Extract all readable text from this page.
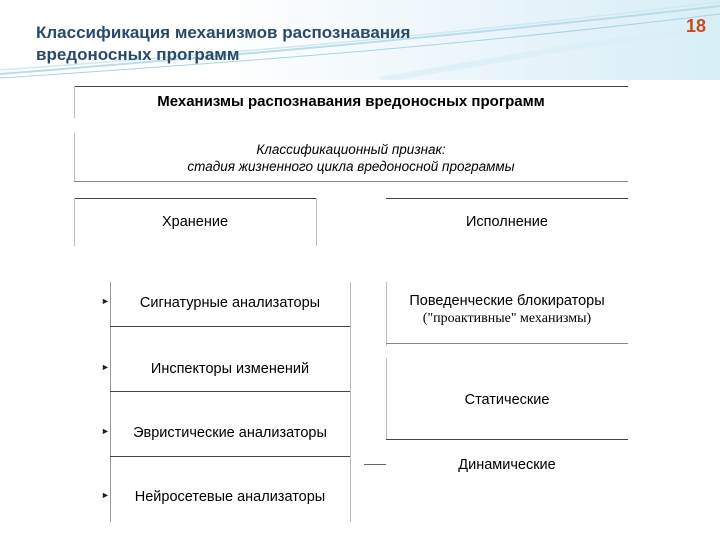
Классификация механизмов распознавания
вредоносных программ
18
Механизмы распознавания вредоносных программ
Классификационный признак:
стадия жизненного цикла вредоносной программы
Хранение	Исполнение
►	Сигнатурные анализаторы
►	Инспекторы изменений
►	Эвристические анализаторы
►	Нейросетевые анализаторы
Поведенческие блокираторы
("проактивные" механизмы)
Статические
Динамические
